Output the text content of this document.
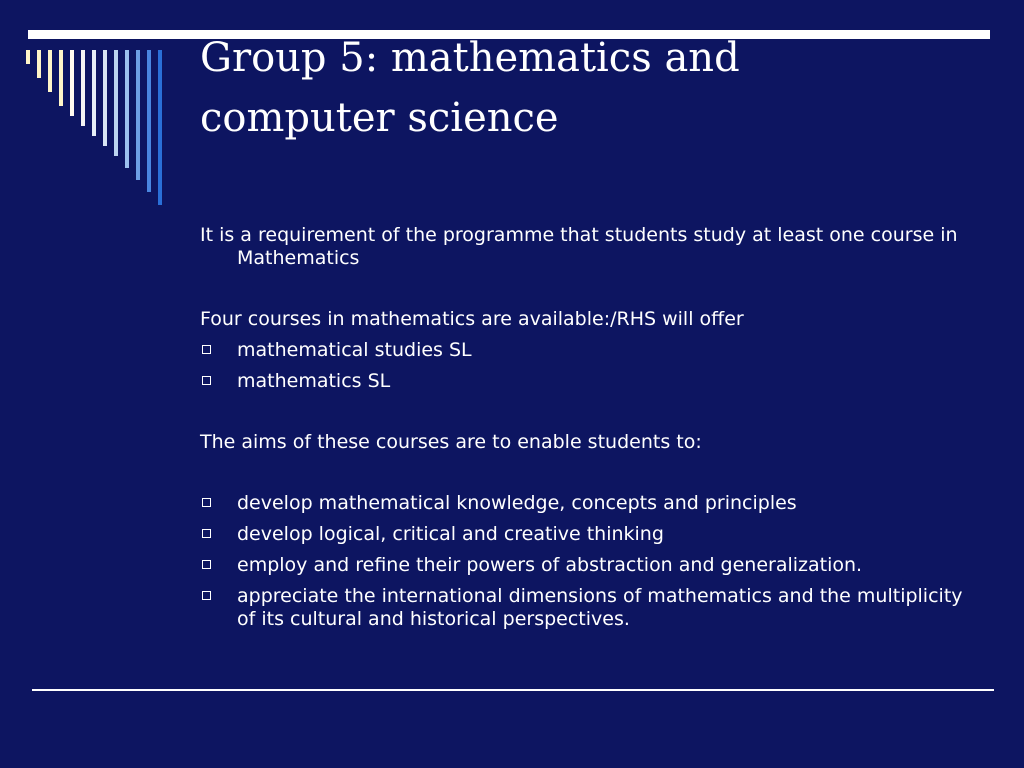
Group 5: mathematics and
computer science
It is a requirement of the programme that students study at least one course in Mathematics
Four courses in mathematics are available:/RHS will offer
mathematical studies SL
mathematics SL
The aims of these courses are to enable students to:
develop mathematical knowledge, concepts and principles
develop logical, critical and creative thinking
employ and refine their powers of abstraction and generalization.
appreciate the international dimensions of mathematics and the multiplicity of its cultural and historical perspectives.
